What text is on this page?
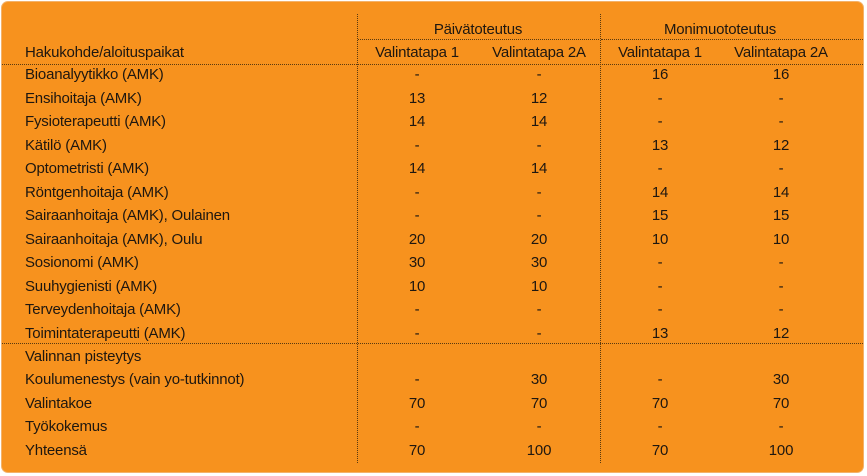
Päivätoteutus	Monimuototeutus
Hakukohde/aloituspaikat	Valintatapa 1 Valintatapa 2A Valintatapa 1 Valintatapa 2A
Bioanalyytikko (AMK)	-	-	16	16
Ensihoitaja (AMK)	13	12	-	-
Fysioterapeutti (AMK)	14	14	-	-
Kätilö (AMK)	-	-	13	12
Optometristi (AMK)	14	14	-	-
Röntgenhoitaja (AMK)	-	-	14	14
Sairaanhoitaja (AMK), Oulainen	-	-	15	15
Sairaanhoitaja (AMK), Oulu	20	20	10	10
Sosionomi (AMK)	30	30	-	-
Suuhygienisti (AMK)	10	10	-	-
Terveydenhoitaja (AMK)	-	-	-	-
Toimintaterapeutti (AMK)	-	-	13	12
Valinnan pisteytys
Koulumenestys (vain yo-tutkinnot)	-	30	-	30
Valintakoe	70	70	70	70
Työkokemus	-	-	-	-
Yhteensä	70	100	70	100
